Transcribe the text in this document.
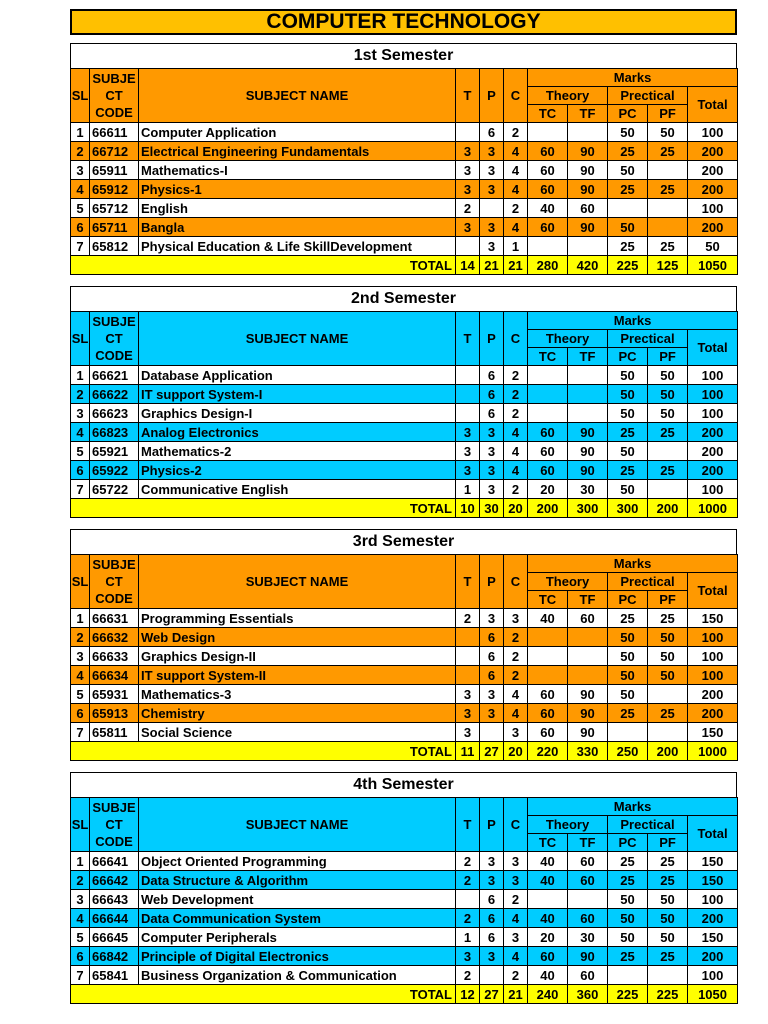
COMPUTER TECHNOLOGY
1st Semester
SL	SUBJE
CT
CODE	SUBJECT NAME	T	P	C	Marks				
						Theory		Prectical		Total
						TC	TF	PC	PF	
1	66611	Computer Application		6	2			50	50	100
2	66712	Electrical Engineering Fundamentals	3	3	4	60	90	25	25	200
3	65911	Mathematics-I	3	3	4	60	90	50		200
4	65912	Physics-1	3	3	4	60	90	25	25	200
5	65712	English	2		2	40	60			100
6	65711	Bangla	3	3	4	60	90	50	0	200
7	65812	Physical Education & Life SkillDevelopment		3	1			25	25	50
TOTAL			14	21	21	280	420	225	125	1050
2nd Semester
SL	SUBJE
CT
CODE	SUBJECT NAME	T	P	C	Marks				
						Theory		Prectical		Total
						TC	TF	PC	PF	
1	66621	Database Application		6	2			50	50	100
2	66622	IT support System-I	0	6	2	0	0	50	50	100
3	66623	Graphics Design-I		6	2			50	50	100
4	66823	Analog Electronics	3	3	4	60	90	25	25	200
5	65921	Mathematics-2	3	3	4	60	90	50		200
6	65922	Physics-2	3	3	4	60	90	25	25	200
7	65722	Communicative English	1	3	2	20	30	50		100
TOTAL			10	30	20	200	300	300	200	1000
3rd Semester
SL	SUBJE
CT
CODE	SUBJECT NAME	T	P	C	Marks				
						Theory		Prectical		Total
						TC	TF	PC	PF	
1	66631	Programming Essentials	2	3	3	40	60	25	25	150
2	66632	Web Design	0	6	2	0	0	50	50	100
3	66633	Graphics Design-II		6	2			50	50	100
4	66634	IT support System-II	0	6	2	0	0	50	50	100
5	65931	Mathematics-3	3	3	4	60	90	50		200
6	65913	Chemistry	3	3	4	60	90	25	25	200
7	65811	Social Science	3		3	60	90			150
TOTAL			11	27	20	220	330	250	200	1000
4th Semester
SL	SUBJE
CT
CODE	SUBJECT NAME	T	P	C	Marks				
						Theory		Prectical		Total
						TC	TF	PC	PF	
1	66641	Object Oriented Programming	2	3	3	40	60	25	25	150
2	66642	Data Structure & Algorithm	2	3	3	40	60	25	25	150
3	66643	Web Development		6	2			50	50	100
4	66644	Data Communication System	2	6	4	40	60	50	50	200
5	66645	Computer Peripherals	1	6	3	20	30	50	50	150
6	66842	Principle of Digital Electronics	3	3	4	60	90	25	25	200
7	65841	Business Organization & Communication	2		2	40	60			100
TOTAL			12	27	21	240	360	225	225	1050
